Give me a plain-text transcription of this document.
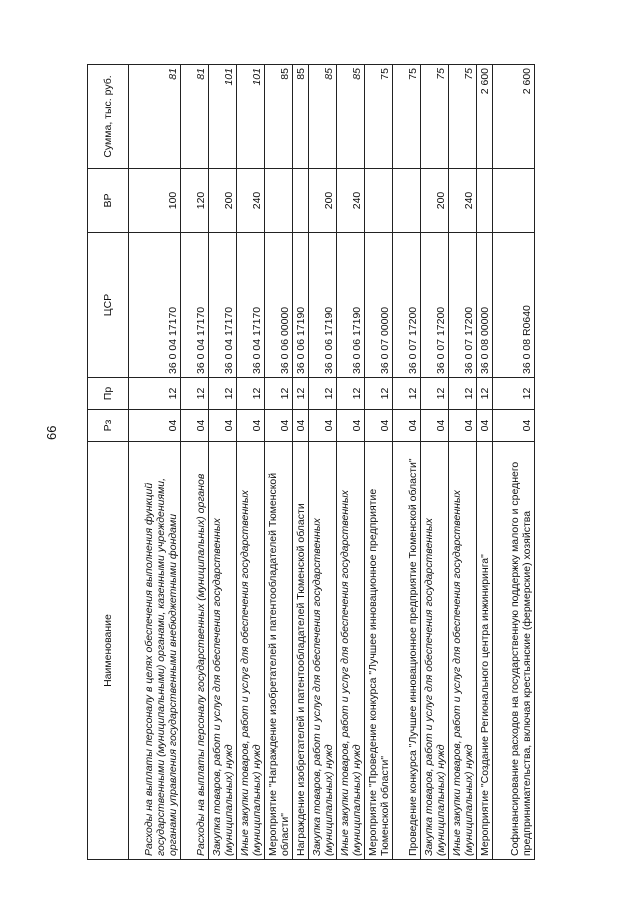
66
Наименование	Рз	Пр	ЦСР	ВР	Сумма, тыс. руб.
Расходы на выплаты персоналу в целях обеспечения выполнения функций государственными (муниципальными) органами, казенными учреждениями, органами управления государственными внебюджетными фондами	04	12	36 0 04 17170	100	81
Расходы на выплаты персоналу государственных (муниципальных) органов	04	12	36 0 04 17170	120	81
Закупка товаров, работ и услуг для обеспечения государственных (муниципальных) нужд	04	12	36 0 04 17170	200	101
Иные закупки товаров, работ и услуг для обеспечения государственных (муниципальных) нужд	04	12	36 0 04 17170	240	101
Мероприятие "Награждение изобретателей и патентообладателей Тюменской области"	04	12	36 0 06 00000		85
Награждение изобретателей и патентообладателей Тюменской области	04	12	36 0 06 17190		85
Закупка товаров, работ и услуг для обеспечения государственных (муниципальных) нужд	04	12	36 0 06 17190	200	85
Иные закупки товаров, работ и услуг для обеспечения государственных (муниципальных) нужд	04	12	36 0 06 17190	240	85
Мероприятие "Проведение конкурса "Лучшее инновационное предприятие Тюменской области"	04	12	36 0 07 00000		75
Проведение конкурса "Лучшее инновационное предприятие Тюменской области"	04	12	36 0 07 17200		75
Закупка товаров, работ и услуг для обеспечения государственных (муниципальных) нужд	04	12	36 0 07 17200	200	75
Иные закупки товаров, работ и услуг для обеспечения государственных (муниципальных) нужд	04	12	36 0 07 17200	240	75
Мероприятие "Создание Регионального центра инжиниринга"	04	12	36 0 08 00000		2 600
Софинансирование расходов на государственную поддержку малого и среднего предпринимательства, включая крестьянские (фермерские) хозяйства	04	12	36 0 08 R0640		2 600
